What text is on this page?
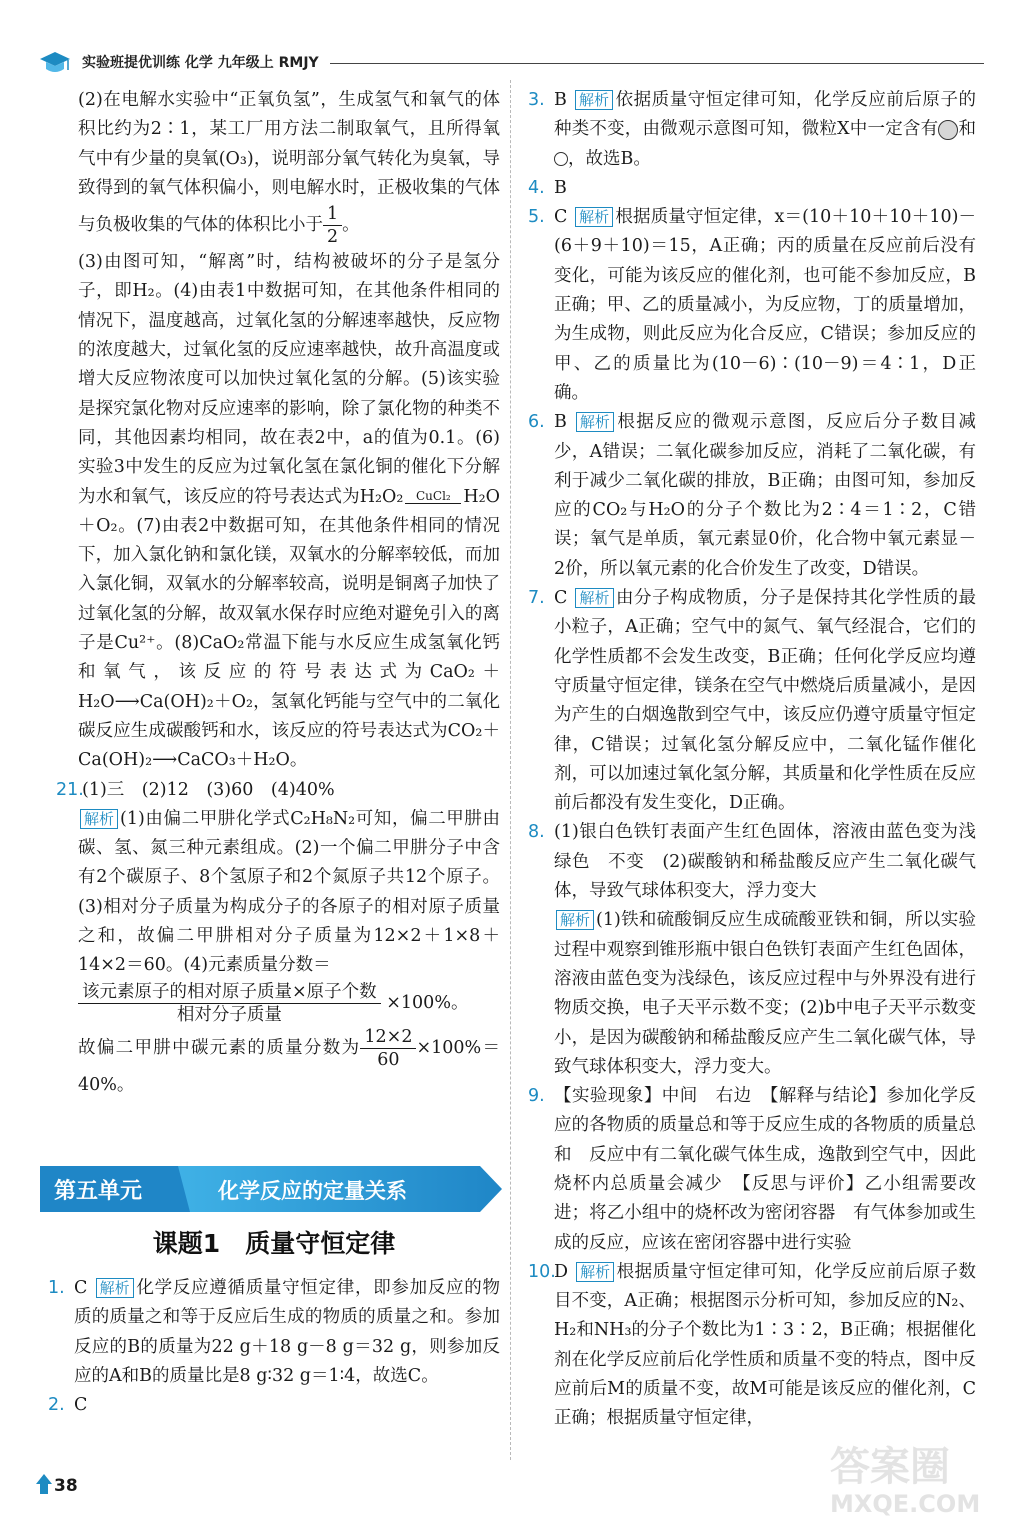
实验班提优训练 化学 九年级上 RMJY

(2)在电解水实验中“正氧负氢”，生成氢气和氧气的体积比约为2∶1，某工厂用方法二制取氧气，且所得氧气中有少量的臭氧(O₃)，说明部分氧气转化为臭氧，导致得到的氧气体积偏小，则电解水时，正极收集的气体与负极收集的气体的体积比小于 $\frac{1}{2}$ 。

(3)由图可知，“解离”时，结构被破坏的分子是氢分子，即H₂。(4)由表1中数据可知，在其他条件相同的情况下，温度越高，过氧化氢的分解速率越快，反应物的浓度越大，过氧化氢的反应速率越快，故升高温度或增大反应物浓度可以加快过氧化氢的分解。(5)该实验是探究氯化物对反应速率的影响，除了氯化物的种类不同，其他因素均相同，故在表2中，a的值为0.1。(6)实验3中发生的反应为过氧化氢在氯化铜的催化下分解为水和氧气，该反应的符号表达式为H₂O₂	CuCl₂ H₂O＋O₂。(7)由表2中数据可知，在其他条件相同的情况下，加入氯化钠和氯化镁，双氧水的分解率较低，而加入氯化铜，双氧水的分解率较高，说明是铜离子加快了过氧化氢的分解，故双氧水保存时应绝对避免引入的离子是Cu²⁺。(8)CaO₂常温下能与水反应生成氢氧化钙和氧气，该反应的符号表达式为CaO₂＋H₂O⟶Ca(OH)₂＋O₂，氢氧化钙能与空气中的二氧化碳反应生成碳酸钙和水，该反应的符号表达式为CO₂＋Ca(OH)₂⟶CaCO₃＋H₂O。

21.
(1)三　(2)12　(3)60　(4)40%

解析 (1)由偏二甲肼化学式C₂H₈N₂可知，偏二甲肼由碳、氢、氮三种元素组成。(2)一个偏二甲肼分子中含有2个碳原子、8个氢原子和2个氮原子共12个原子。(3)相对分子质量为构成分子的各原子的相对原子质量之和，故偏二甲肼相对分子质量为12×2＋1×8＋14×2＝60。(4)元素质量分数＝

$\frac{\text{该元素原子的相对原子质量×原子个数}}{\text{相对分子质量}} \times 100\%$。

故偏二甲肼中碳元素的质量分数为 $\frac{12\times 2}{60} \times 100\%=40\%$。

第五单元	化学反应的定量关系
课题1　质量守恒定律
1. C 解析 化学反应遵循质量守恒定律，即参加反应的物质的质量之和等于反应后生成的物质的质量之和。参加反应的B的质量为22 g＋18 g－8 g＝32 g，则参加反应的A和B的质量比是8 g∶32 g＝1∶4，故选C。
2. C
3. B 解析 依据质量守恒定律可知，化学反应前后原子的种类不变，由微观示意图可知，微粒X中一定含有 和，故选B。
4. B
5. C 解析 根据质量守恒定律，x＝(10＋10＋10＋10)－(6＋9＋10)＝15，A正确；丙的质量在反应前后没有变化，可能为该反应的催化剂，也可能不参加反应，B正确；甲、乙的质量减小，为反应物，丁的质量增加，为生成物，则此反应为化合反应，C错误；参加反应的甲、乙的质量比为(10－6)∶(10－9)＝4∶1，D正确。
6. B 解析 根据反应的微观示意图，反应后分子数目减少，A错误；二氧化碳参加反应，消耗了二氧化碳，有利于减少二氧化碳的排放，B正确；由图可知，参加反应的CO₂与H₂O的分子个数比为2∶4＝1∶2，C错误；氧气是单质，氧元素显0价，化合物中氧元素显－2价，所以氧元素的化合价发生了改变，D错误。
7. C 解析 由分子构成物质，分子是保持其化学性质的最小粒子，A正确；空气中的氮气、氧气经混合，它们的化学性质都不会发生改变，B正确；任何化学反应均遵守质量守恒定律，镁条在空气中燃烧后质量减小，是因为产生的白烟逸散到空气中，该反应仍遵守质量守恒定律，C错误；过氧化氢分解反应中，二氧化锰作催化剂，可以加速过氧化氢分解，其质量和化学性质在反应前后都没有发生变化，D正确。
8. (1)银白色铁钉表面产生红色固体，溶液由蓝色变为浅绿色　不变　(2)碳酸钠和稀盐酸反应产生二氧化碳气体，导致气球体积变大，浮力变大
解析 (1)铁和硫酸铜反应生成硫酸亚铁和铜，所以实验过程中观察到锥形瓶中银白色铁钉表面产生红色固体，溶液由蓝色变为浅绿色，该反应过程中与外界没有进行物质交换，电子天平示数不变；(2)b中电子天平示数变小，是因为碳酸钠和稀盐酸反应产生二氧化碳气体，导致气球体积变大，浮力变大。
9. 【实验现象】中间　右边　【解释与结论】参加化学反应的各物质的质量总和等于反应生成的各物质的质量总和　反应中有二氧化碳气体生成，逸散到空气中，因此烧杯内总质量会减少　【反思与评价】乙小组需要改进；将乙小组中的烧杯改为密闭容器　有气体参加或生成的反应，应该在密闭容器中进行实验
10.
D 解析 根据质量守恒定律可知，化学反应前后原子数目不变，A正确；根据图示分析可知，参加反应的N₂、H₂和NH₃的分子个数比为1∶3∶2，B正确；根据催化剂在化学反应前后化学性质和质量不变的特点，图中反应前后M的质量不变，故M可能是该反应的催化剂，C正确；根据质量守恒定律，
38	答案圈
MXQE.COM
